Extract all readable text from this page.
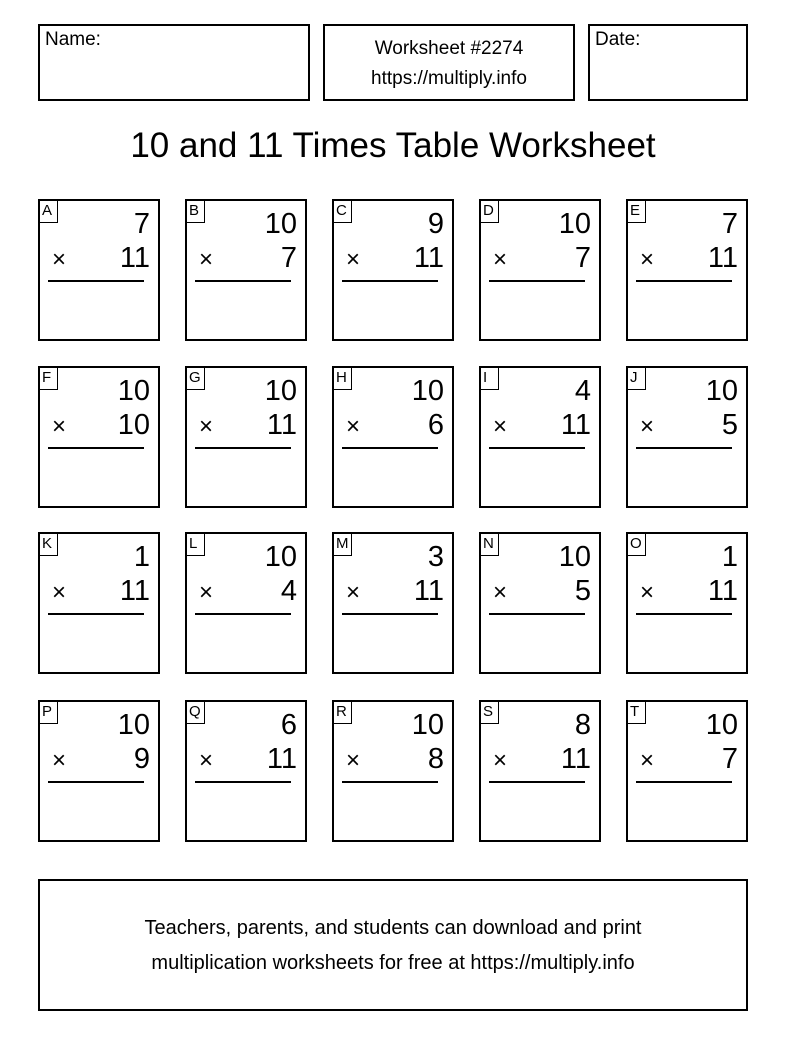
Name:	Worksheet #2274
https://multiply.info
Date:
10 and 11 Times Table Worksheet
A	7
× 11
B 10
× 7
C	9
× 11
D 10
× 7
E	7
× 11
F 10
× 10
G 10
× 11
H 10
× 6
I	4
× 11
J 10
× 5
K	1
× 11
L 10
× 4
M	3
× 11
N 10
× 5
O	1
× 11
P 10
× 9
Q	6
× 11
R 10
× 8
S	8
× 11
T 10
× 7
Teachers, parents, and students can download and print
multiplication worksheets for free at https://multiply.info
